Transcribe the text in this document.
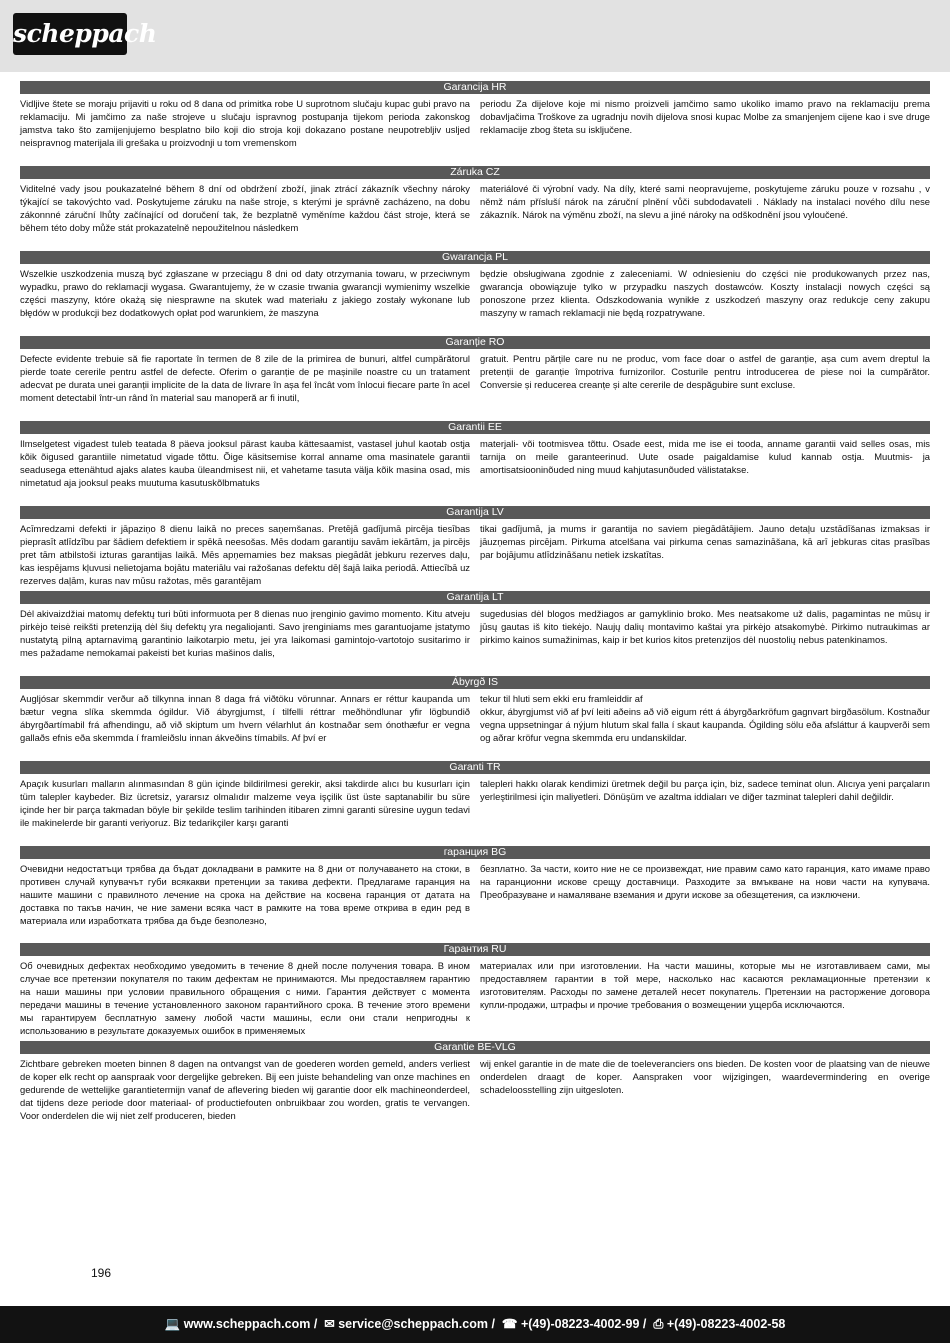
scheppach
Garancija HR
Vidljive štete se moraju prijaviti u roku od 8 dana od primitka robe U suprotnom slučaju kupac gubi pravo na reklamaciju. Mi jamčimo za naše strojeve u slučaju ispravnog postupanja tijekom perioda zakonskog jamstva tako što zamijenjujemo besplatno bilo koji dio stroja koji dokazano postane neupotrebljiv usljed neispravnog materijala ili grešaka u proizvodnji u tom vremenskom
periodu Za dijelove koje mi nismo proizveli jamčimo samo ukoliko imamo pravo na reklamaciju prema dobavljačima Troškove za ugradnju novih dijelova snosi kupac Molbe za smanjenjem cijene kao i sve druge reklamacije zbog šteta su isključene.
Záruka CZ
Viditelné vady jsou poukazatelné během 8 dní od obdržení zboží, jinak ztrácí zákazník všechny nároky týkající se takovýchto vad. Poskytujeme záruku na naše stroje, s kterými je správně zacházeno, na dobu zákonnné záruční lhůty začínající od doručení tak, že bezplatně vyměníme každou část stroje, která se během této doby může stát prokazatelně nepoužitelnou následkem
materiálové či výrobní vady. Na díly, které sami neopravujeme, poskytujeme záruku pouze v rozsahu , v němž nám přísluší nárok na záruční plnění vůči subdodavateli . Náklady na instalaci nového dílu nese zákazník. Nárok na výměnu zboží, na slevu a jiné nároky na odškodnění jsou vyloučené.
Gwarancja PL
Wszelkie uszkodzenia muszą być zgłaszane w przeciągu 8 dni od daty otrzymania towaru, w przeciwnym wypadku, prawo do reklamacji wygasa. Gwarantujemy, że w czasie trwania gwarancji wymienimy wszelkie części maszyny, które okażą się niesprawne na skutek wad materiału z jakiego zostały wykonane lub błędów w produkcji bez dodatkowych opłat pod warunkiem, że maszyna
będzie obsługiwana zgodnie z zaleceniami. W odniesieniu do części nie produkowanych przez nas, gwarancja obowiązuje tylko w przypadku naszych dostawców. Koszty instalacji nowych części są ponoszone przez klienta. Odszkodowania wynikłe z uszkodzeń maszyny oraz redukcje ceny zakupu maszyny w ramach reklamacji nie będą rozpatrywane.
Garanție RO
Defecte evidente trebuie să fie raportate în termen de 8 zile de la primirea de bunuri, altfel cumpărătorul pierde toate cererile pentru astfel de defecte. Oferim o garanție de pe mașinile noastre cu un tratament adecvat pe durata unei garanții implicite de la data de livrare în așa fel încât vom înlocui fiecare parte în acel moment detectabil într-un rând în material sau manoperă ar fi inutil,
gratuit. Pentru părțile care nu ne produc, vom face doar o astfel de garanție, așa cum avem dreptul la pretenții de garanție împotriva furnizorilor. Costurile pentru introducerea de piese noi la cumpărător. Conversie și reducerea creanțe și alte cererile de despăgubire sunt excluse.
Garantii EE
Ilmselgetest vigadest tuleb teatada 8 päeva jooksul pärast kauba kättesaamist, vastasel juhul kaotab ostja kõik õigused garantiile nimetatud vigade tõttu. Õige käsitsemise korral anname oma masinatele garantii seadusega ettenähtud ajaks alates kauba üleandmisest nii, et vahetame tasuta välja kõik masina osad, mis nimetatud aja jooksul peaks muutuma kasutuskõlbmatuks
materjali- või tootmisvea tõttu. Osade eest, mida me ise ei tooda, anname garantii vaid selles osas, mis tarnija on meile garanteerinud. Uute osade paigaldamise kulud kannab ostja. Muutmis- ja amortisatsiooninõuded ning muud kahjutasunõuded välistatakse.
Garantija LV
Acīmredzami defekti ir jāpaziņo 8 dienu laikā no preces saņemšanas. Pretējā gadījumā pircēja tiesības pieprasīt atlīdzību par šādiem defektiem ir spēkā neesošas. Mēs dodam garantiju savām iekārtām, ja pircējs pret tām atbilstoši izturas garantijas laikā. Mēs apņemamies bez maksas piegādāt jebkuru rezerves daļu, kas iespējams kļuvusi nelietojama bojātu materiālu vai ražošanas defektu dēļ šajā laika periodā. Attiecībā uz rezerves daļām, kuras nav mūsu ražotas, mēs garantējam
tikai gadījumā, ja mums ir garantija no saviem piegādātājiem. Jauno detaļu uzstādīšanas izmaksas ir jāuzņemas pircējam. Pirkuma atcelšana vai pirkuma cenas samazināšana, kā arī jebkuras citas prasības par bojājumu atlīdzināšanu netiek izskatītas.
Garantija LT
Dėl akivaizdžiai matomų defektų turi būti informuota per 8 dienas nuo įrenginio gavimo momento. Kitu atveju pirkėjo teisė reikšti pretenziją dėl šių defektų yra negaliojanti. Savo įrenginiams mes garantuojame įstatymo nustatytą pilną aptarnavimą garantinio laikotarpio metu, jei yra laikomasi gamintojo-vartotojo susitarimo ir mes pažadame nemokamai pakeisti bet kurias mašinos dalis,
sugedusias dėl blogos medžiagos ar gamyklinio broko. Mes neatsakome už dalis, pagamintas ne mūsų ir jūsų gautas iš kito tiekėjo. Naujų dalių montavimo kaštai yra pirkėjo atsakomybė. Pirkimo nutraukimas ar pirkimo kainos sumažinimas, kaip ir bet kurios kitos pretenzijos dėl nuostolių nebus patenkinamos.
Ábyrgð IS
Augljósar skemmdir verður að tilkynna innan 8 daga frá viðtöku vörunnar. Annars er réttur kaupanda um bætur vegna slíka skemmda ógildur. Við ábyrgjumst, í tilfelli réttrar meðhöndlunar yfir lögbundið ábyrgðartímabil frá afhendingu, að við skiptum um hvern vélarhlut án kostnaðar sem ónothæfur er vegna gallaðs efnis eða skemmda í framleiðslu innan ákveðins tímabils. Af því er
tekur til hluti sem ekki eru framleiddir af
okkur, ábyrgjumst við af því leiti aðeins að við eigum rétt á ábyrgðarkröfum gagnvart birgðasölum. Kostnaður vegna uppsetningar á nýjum hlutum skal falla í skaut kaupanda. Ógilding sölu eða afsláttur á kaupverði sem og aðrar kröfur vegna skemmda eru undanskildar.
Garanti TR
Apaçık kusurları malların alınmasından 8 gün içinde bildirilmesi gerekir, aksi takdirde alıcı bu kusurları için tüm talepler kaybeder. Biz ücretsiz, yararsız olmalıdır malzeme veya işçilik üst üste saptanabilir bu süre içinde her bir parça takmadan böyle bir şekilde teslim tarihinden itibaren zimni garanti süresine uygun tedavi ile makinelerde bir garanti veriyoruz. Biz tedarikçiler karşı garanti
talepleri hakkı olarak kendimizi üretmek değil bu parça için, biz, sadece teminat olun. Alıcıya yeni parçaların yerleştirilmesi için maliyetleri. Dönüşüm ve azaltma iddiaları ve diğer tazminat talepleri dahil değildir.
гаранция BG
Очевидни недостатъци трябва да бъдат докладвани в рамките на 8 дни от получаването на стоки, в противен случай купувачът губи всякакви претенции за такива дефекти. Предлагаме гаранция на нашите машини с правилното лечение на срока на действие на косвена гаранция от датата на доставка по такъв начин, че ние замени всяка част в рамките на това време открива в един ред в материала или изработката трябва да бъде безполезно,
безплатно. За части, които ние не се произвеждат, ние правим само като гаранция, като имаме право на гаранционни искове срещу доставчици. Разходите за вмъкване на нови части на купувача. Преобразуване и намаляване вземания и други искове за обезщетения, са изключени.
Гарантия RU
Об очевидных дефектах необходимо уведомить в течение 8 дней после получения товара. В ином случае все претензии покупателя по таким дефектам не принимаются. Мы предоставляем гарантию на наши машины при условии правильного обращения с ними. Гарантия действует с момента передачи машины в течение установленного законом гарантийного срока. В течение этого времени мы гарантируем бесплатную замену любой части машины, если они стали непригодны к использованию в результате доказуемых ошибок в применяемых
материалах или при изготовлении. На части машины, которые мы не изготавливаем сами, мы предоставляем гарантии в той мере, насколько нас касаются рекламационные претензии к изготовителям. Расходы по замене деталей несет покупатель. Претензии на расторжение договора купли-продажи, штрафы и прочие требования о возмещении ущерба исключаются.
Garantie BE-VLG
Zichtbare gebreken moeten binnen 8 dagen na ontvangst van de goederen worden gemeld, anders verliest de koper elk recht op aanspraak voor dergelijke gebreken. Bij een juiste behandeling van onze machines en gedurende de wettelijke garantietermijn vanaf de aflevering bieden wij garantie door elk machineonderdeel, dat tijdens deze periode door materiaal- of productiefouten onbruikbaar zou worden, gratis te vervangen. Voor onderdelen die wij niet zelf produceren, bieden
wij enkel garantie in de mate die de toeleveranciers ons bieden. De kosten voor de plaatsing van de nieuwe onderdelen draagt de koper. Aanspraken voor wijzigingen, waardevermindering en overige schadeloosstelling zijn uitgesloten.
196
💻 www.scheppach.com /  ✉ service@scheppach.com /  ☎ +(49)-08223-4002-99 /  ⎙ +(49)-08223-4002-58
